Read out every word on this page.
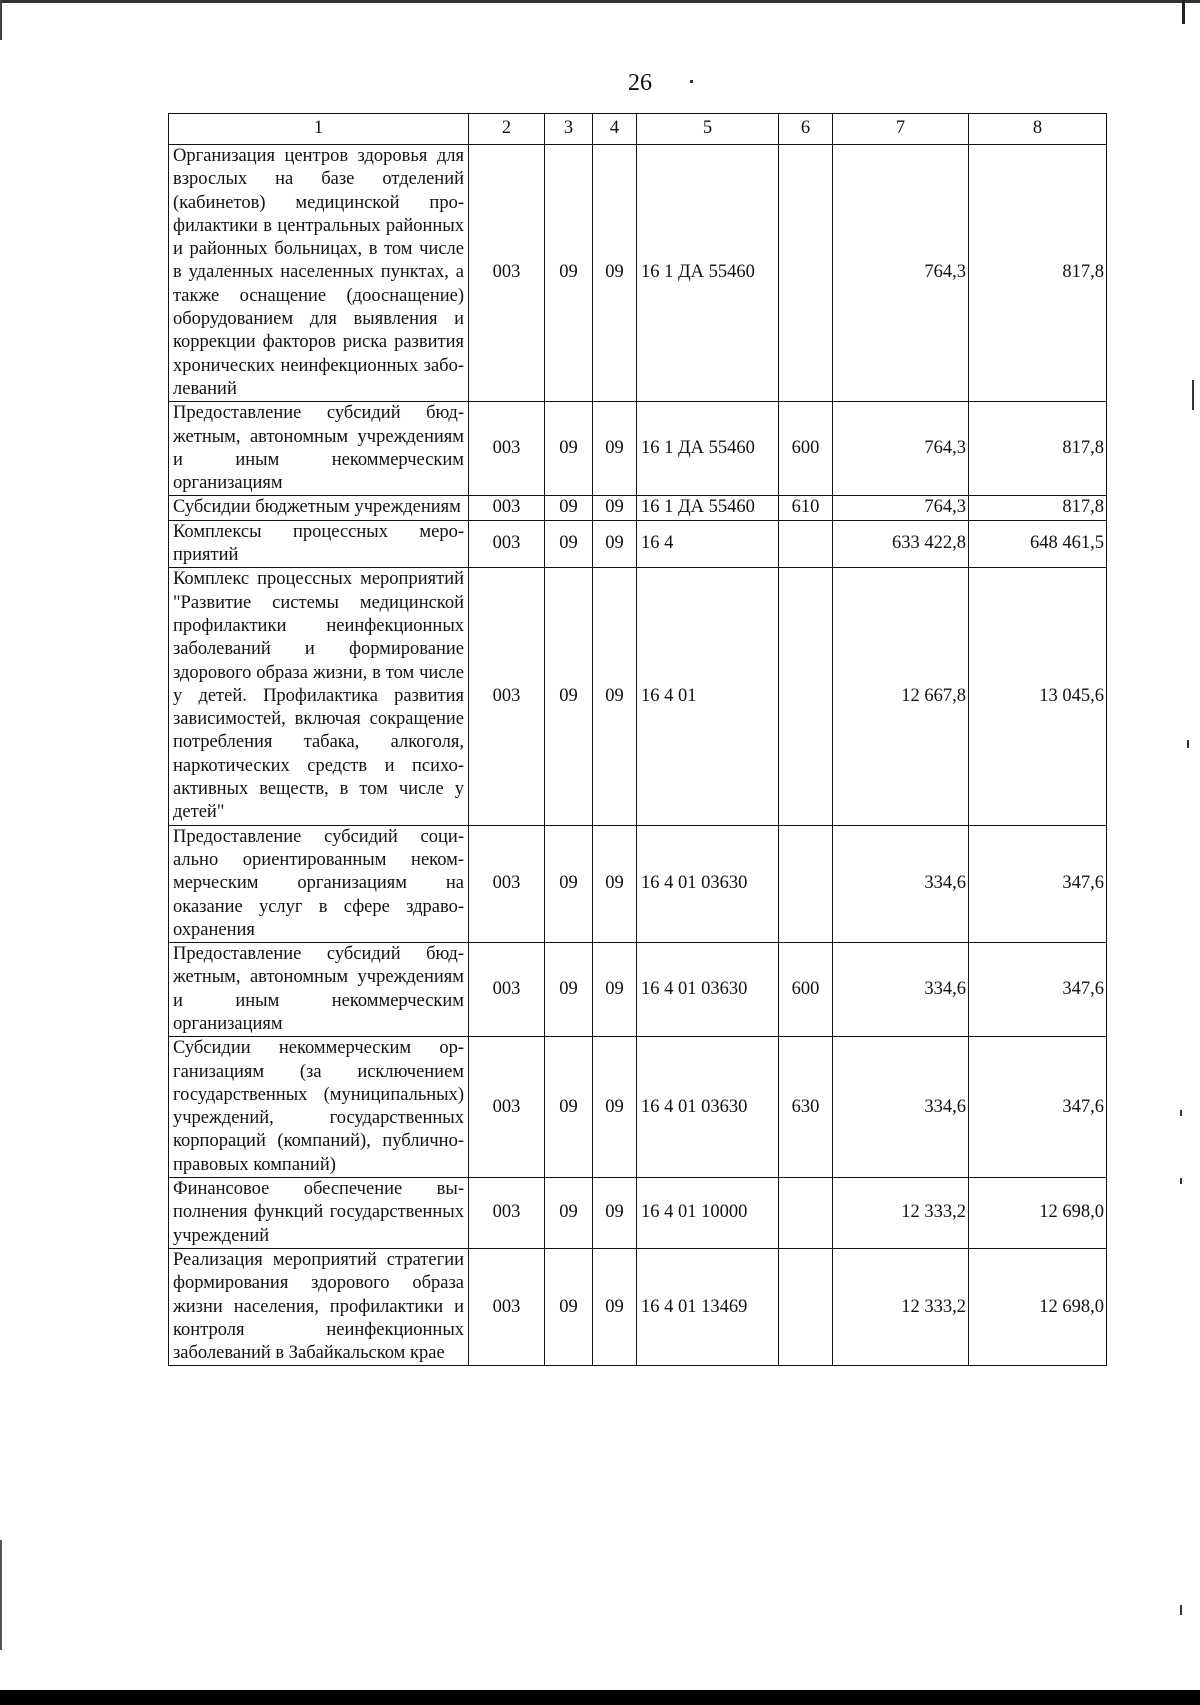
26
1	2	3	4	5	6	7	8
Организация центров здоровья для взрослых на базе отделений (кабинетов) медицинской профилактики в центральных районных и районных больницах, в том числе в удаленных населенных пунктах, а также оснащение (дооснащение) оборудованием для выявления и коррекции факторов риска развития хронических неинфекционных заболеваний	003	09	09	16 1 ДА 55460		764,3	817,8
Предоставление субсидий бюджетным, автономным учреждениям и иным некоммерческим организациям	003	09	09	16 1 ДА 55460	600	764,3	817,8
Субсидии бюджетным учреждениям	003	09	09	16 1 ДА 55460	610	764,3	817,8
Комплексы процессных мероприятий	003	09	09	16 4		633 422,8	648 461,5
Комплекс процессных мероприятий "Развитие системы медицинской профилактики неинфекционных заболеваний и формирование здорового образа жизни, в том числе у детей. Профилактика развития зависимостей, включая сокращение потребления табака, алкоголя, наркотических средств и психоактивных веществ, в том числе у детей"	003	09	09	16 4 01		12 667,8	13 045,6
Предоставление субсидий социально ориентированным некоммерческим организациям на оказание услуг в сфере здравоохранения	003	09	09	16 4 01 03630		334,6	347,6
Предоставление субсидий бюджетным, автономным учреждениям и иным некоммерческим организациям	003	09	09	16 4 01 03630	600	334,6	347,6
Субсидии некоммерческим организациям (за исключением государственных (муниципальных) учреждений, государственных корпораций (компаний), публично-правовых компаний)	003	09	09	16 4 01 03630	630	334,6	347,6
Финансовое обеспечение выполнения функций государственных учреждений	003	09	09	16 4 01 10000		12 333,2	12 698,0
Реализация мероприятий стратегии формирования здорового образа жизни населения, профилактики и контроля неинфекционных заболеваний в Забайкальском крае	003	09	09	16 4 01 13469		12 333,2	12 698,0
